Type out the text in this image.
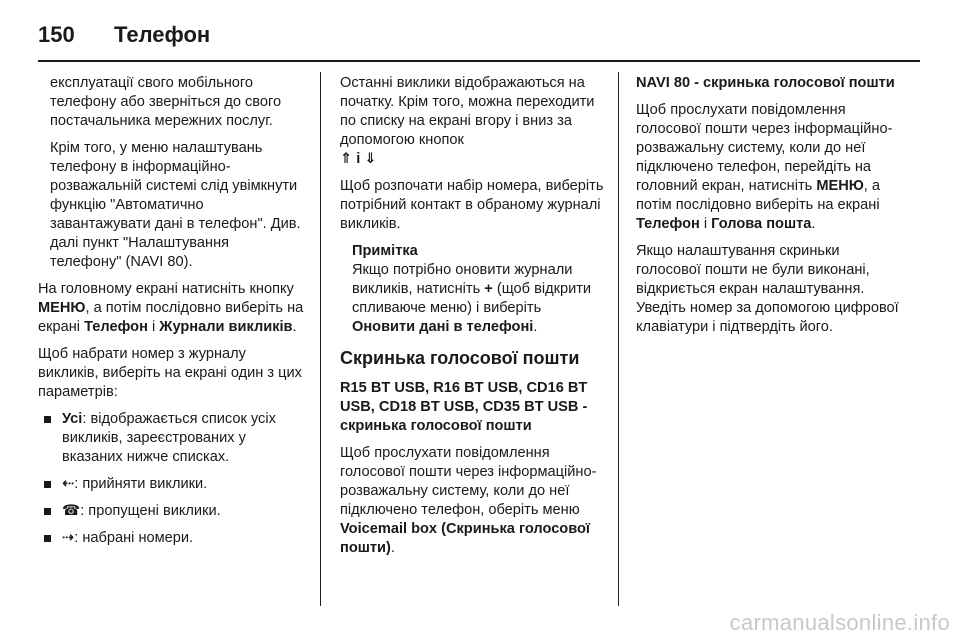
150	Телефон

експлуатації свого мобільного телефону або зверніться до свого постачальника мережних послуг.

Крім того, у меню налаштувань телефону в інформаційно-розважальній системі слід увімкнути функцію "Автоматично завантажувати дані в телефон". Див. далі пункт "Налаштування телефону" (NAVI 80).

На головному екрані натисніть кнопку МЕНЮ, а потім послідовно виберіть на екрані Телефон і Журнали викликів.

Щоб набрати номер з журналу викликів, виберіть на екрані один з цих параметрів:

Усі: відображається список усіх викликів, зареєстрованих у вказаних нижче списках.
⇠: прийняти виклики.
☎: пропущені виклики.
⇢: набрані номери.

Останні виклики відображаються на початку. Крім того, можна переходити по списку на екрані вгору і вниз за допомогою кнопок
⇑ і ⇓

Щоб розпочати набір номера, виберіть потрібний контакт в обраному журналі викликів.

Примітка
Якщо потрібно оновити журнали викликів, натисніть + (щоб відкрити спливаюче меню) і виберіть Оновити дані в телефоні.
Скринька голосової пошти

R15 BT USB, R16 BT USB, CD16 BT USB, CD18 BT USB, CD35 BT USB - скринька голосової пошти

Щоб прослухати повідомлення голосової пошти через інформаційно-розважальну систему, коли до неї підключено телефон, оберіть меню Voicemail box (Скринька голосової пошти).

NAVI 80 - скринька голосової пошти

Щоб прослухати повідомлення голосової пошти через інформаційно-розважальну систему, коли до неї підключено телефон, перейдіть на головний екран, натисніть МЕНЮ, а потім послідовно виберіть на екрані Телефон і Голова пошта.

Якщо налаштування скриньки голосової пошти не були виконані, відкриється екран налаштування. Уведіть номер за допомогою цифрової клавіатури і підтвердіть його.

carmanualsonline.info
